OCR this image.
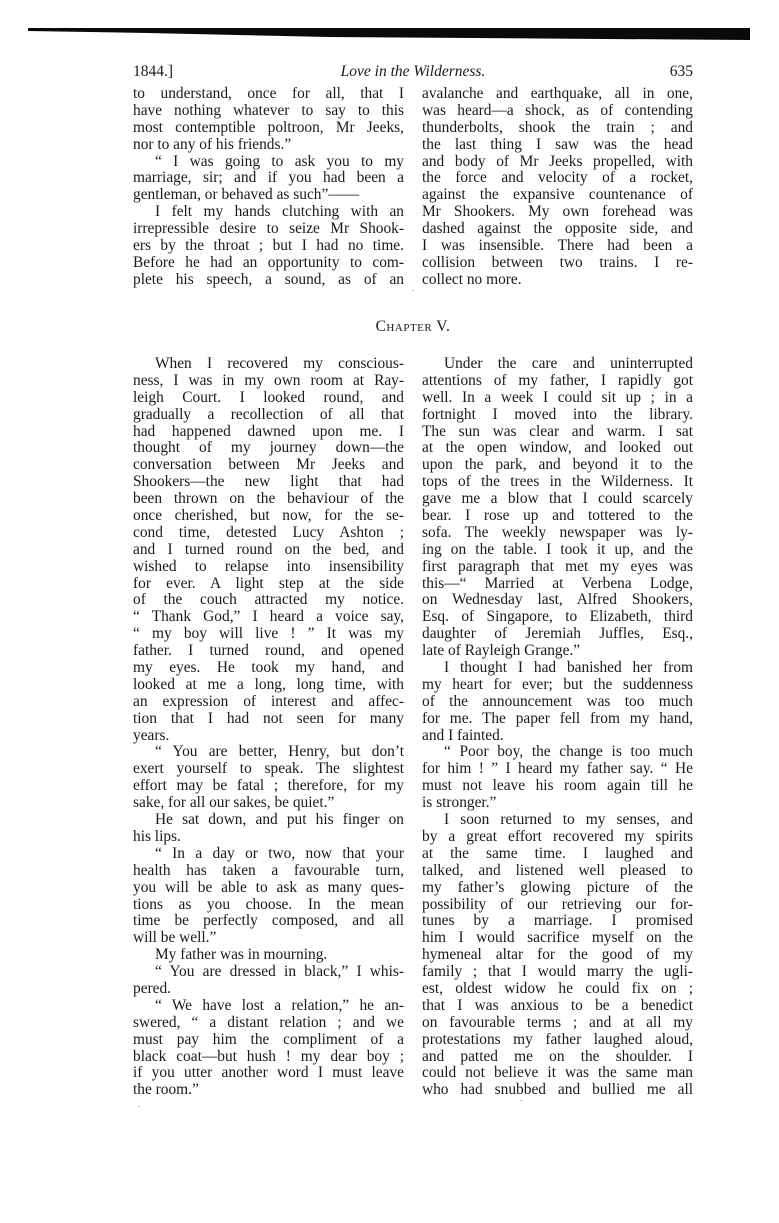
1844.]	Love in the Wilderness.	635
to understand, once for all, that I
have nothing whatever to say to this
most contemptible poltroon, Mr Jeeks,
nor to any of his friends.”
“ I was going to ask you to my
marriage, sir; and if you had been a
gentleman, or behaved as such”——
I felt my hands clutching with an
irrepressible desire to seize Mr Shook-
ers by the throat ; but I had no time.
Before he had an opportunity to com-
plete his speech, a sound, as of an
avalanche and earthquake, all in one,
was heard—a shock, as of contending
thunderbolts, shook the train ; and
the last thing I saw was the head
and body of Mr Jeeks propelled, with
the force and velocity of a rocket,
against the expansive countenance of
Mr Shookers. My own forehead was
dashed against the opposite side, and
I was insensible. There had been a
collision between two trains. I re-
collect no more.
Chapter V.
When I recovered my conscious-
ness, I was in my own room at Ray-
leigh Court. I looked round, and
gradually a recollection of all that
had happened dawned upon me. I
thought of my journey down—the
conversation between Mr Jeeks and
Shookers—the new light that had
been thrown on the behaviour of the
once cherished, but now, for the se-
cond time, detested Lucy Ashton ;
and I turned round on the bed, and
wished to relapse into insensibility
for ever. A light step at the side
of the couch attracted my notice.
“ Thank God,” I heard a voice say,
“ my boy will live ! ” It was my
father. I turned round, and opened
my eyes. He took my hand, and
looked at me a long, long time, with
an expression of interest and affec-
tion that I had not seen for many
years.
“ You are better, Henry, but don’t
exert yourself to speak. The slightest
effort may be fatal ; therefore, for my
sake, for all our sakes, be quiet.”
He sat down, and put his finger on
his lips.
“ In a day or two, now that your
health has taken a favourable turn,
you will be able to ask as many ques-
tions as you choose. In the mean
time be perfectly composed, and all
will be well.”
My father was in mourning.
“ You are dressed in black,” I whis-
pered.
“ We have lost a relation,” he an-
swered, “ a distant relation ; and we
must pay him the compliment of a
black coat—but hush ! my dear boy ;
if you utter another word I must leave
the room.”
Under the care and uninterrupted
attentions of my father, I rapidly got
well. In a week I could sit up ; in a
fortnight I moved into the library.
The sun was clear and warm. I sat
at the open window, and looked out
upon the park, and beyond it to the
tops of the trees in the Wilderness. It
gave me a blow that I could scarcely
bear. I rose up and tottered to the
sofa. The weekly newspaper was ly-
ing on the table. I took it up, and the
first paragraph that met my eyes was
this—“ Married at Verbena Lodge,
on Wednesday last, Alfred Shookers,
Esq. of Singapore, to Elizabeth, third
daughter of Jeremiah Juffles, Esq.,
late of Rayleigh Grange.”
I thought I had banished her from
my heart for ever; but the suddenness
of the announcement was too much
for me. The paper fell from my hand,
and I fainted.
“ Poor boy, the change is too much
for him ! ” I heard my father say. “ He
must not leave his room again till he
is stronger.”
I soon returned to my senses, and
by a great effort recovered my spirits
at the same time. I laughed and
talked, and listened well pleased to
my father’s glowing picture of the
possibility of our retrieving our for-
tunes by a marriage. I promised
him I would sacrifice myself on the
hymeneal altar for the good of my
family ; that I would marry the ugli-
est, oldest widow he could fix on ;
that I was anxious to be a benedict
on favourable terms ; and at all my
protestations my father laughed aloud,
and patted me on the shoulder. I
could not believe it was the same man
who had snubbed and bullied me all
